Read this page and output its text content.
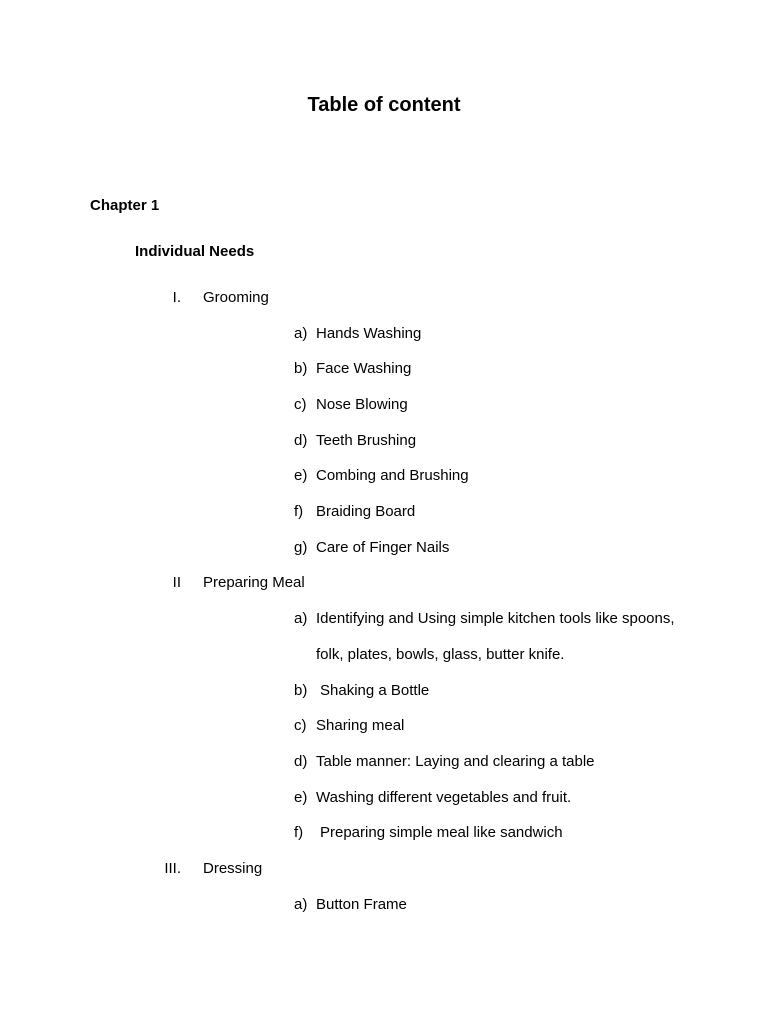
Table of content
Chapter 1
Individual Needs
I. Grooming
a) Hands Washing
b) Face Washing
c) Nose Blowing
d) Teeth Brushing
e) Combing and Brushing
f) Braiding Board
g) Care of Finger Nails
II Preparing Meal
a) Identifying and Using simple kitchen tools like spoons,
folk, plates, bowls, glass, butter knife.
b) Shaking a Bottle
c) Sharing meal
d) Table manner: Laying and clearing a table
e) Washing different vegetables and fruit.
f) Preparing simple meal like sandwich
III. Dressing
a) Button Frame
